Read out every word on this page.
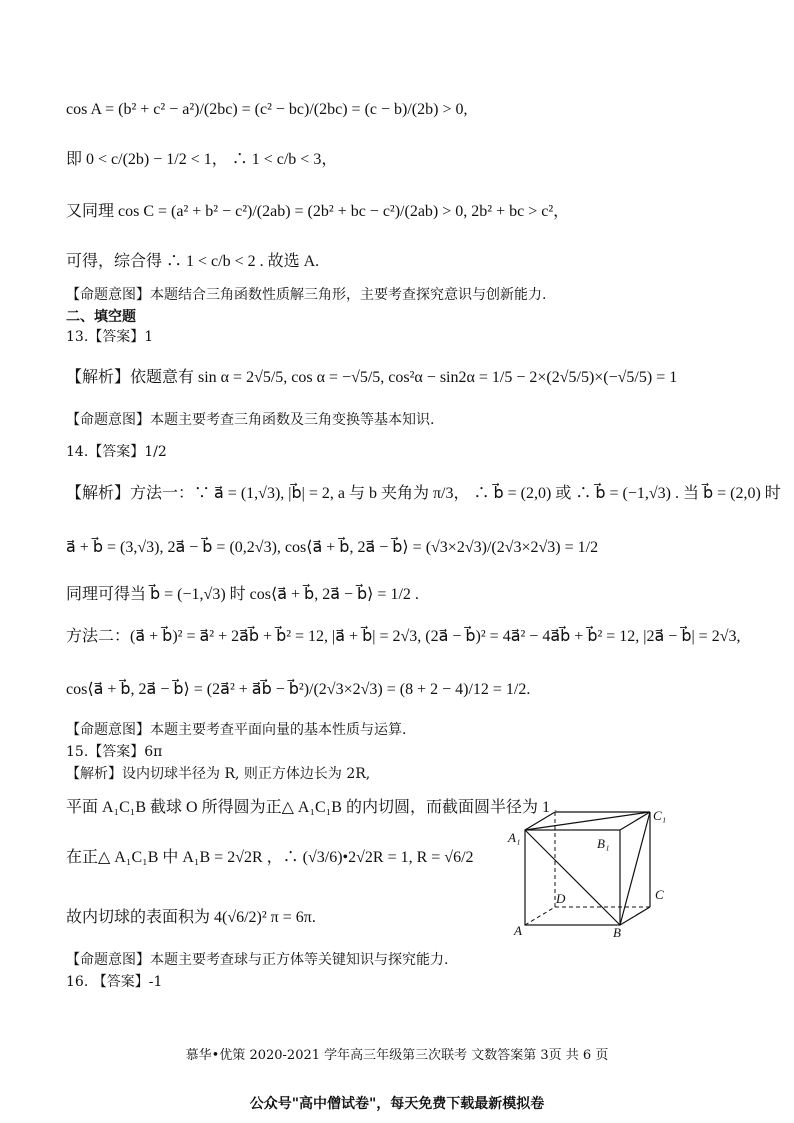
cos A = (b² + c² − a²)/(2bc) = (c² − bc)/(2bc) = (c − b)/(2b) > 0,
即 0 < c/(2b) − 1/2 < 1， ∴ 1 < c/b < 3，
又同理 cos C = (a² + b² − c²)/(2ab) = (2b² + bc − c²)/(2ab) > 0, 2b² + bc > c²，
可得，综合得 ∴ 1 < c/b < 2 . 故选 A.
【命题意图】本题结合三角函数性质解三角形，主要考查探究意识与创新能力.
二、填空题
13.【答案】1
【解析】依题意有 sin α = 2√5/5, cos α = −√5/5, cos²α − sin2α = 1/5 − 2×(2√5/5)×(−√5/5) = 1
【命题意图】本题主要考查三角函数及三角变换等基本知识.
14.【答案】1/2
【解析】方法一：∵ a⃗ = (1,√3), |b⃗| = 2, a 与 b 夹角为 π/3， ∴ b⃗ = (2,0) 或 ∴ b⃗ = (−1,√3) . 当 b⃗ = (2,0) 时
a⃗ + b⃗ = (3,√3), 2a⃗ − b⃗ = (0,2√3), cos⟨a⃗ + b⃗, 2a⃗ − b⃗⟩ = (√3×2√3)/(2√3×2√3) = 1/2
同理可得当 b⃗ = (−1,√3) 时 cos⟨a⃗ + b⃗, 2a⃗ − b⃗⟩ = 1/2 .
方法二：(a⃗ + b⃗)² = a⃗² + 2a⃗b⃗ + b⃗² = 12, |a⃗ + b⃗| = 2√3, (2a⃗ − b⃗)² = 4a⃗² − 4a⃗b⃗ + b⃗² = 12, |2a⃗ − b⃗| = 2√3,
cos⟨a⃗ + b⃗, 2a⃗ − b⃗⟩ = (2a⃗² + a⃗b⃗ − b⃗²)/(2√3×2√3) = (8 + 2 − 4)/12 = 1/2.
【命题意图】本题主要考查平面向量的基本性质与运算.
15.【答案】6π
【解析】设内切球半径为 R, 则正方体边长为 2R,
平面 A₁C₁B 截球 O 所得圆为正△ A₁C₁B 的内切圆，而截面圆半径为 1
在正△ A₁C₁B 中 A₁B = 2√2R ，∴ (√3/6)•2√2R = 1, R = √6/2
故内切球的表面积为 4(√6/2)² π = 6π.
【命题意图】本题主要考查球与正方体等关键知识与探究能力.
16. 【答案】-1
C₁
A₁	B₁
D	C
A	B
慕华•优策 2020-2021 学年高三年级第三次联考 文数答案第 3页 共 6 页
公众号"高中僧试卷"，每天免费下载最新模拟卷
